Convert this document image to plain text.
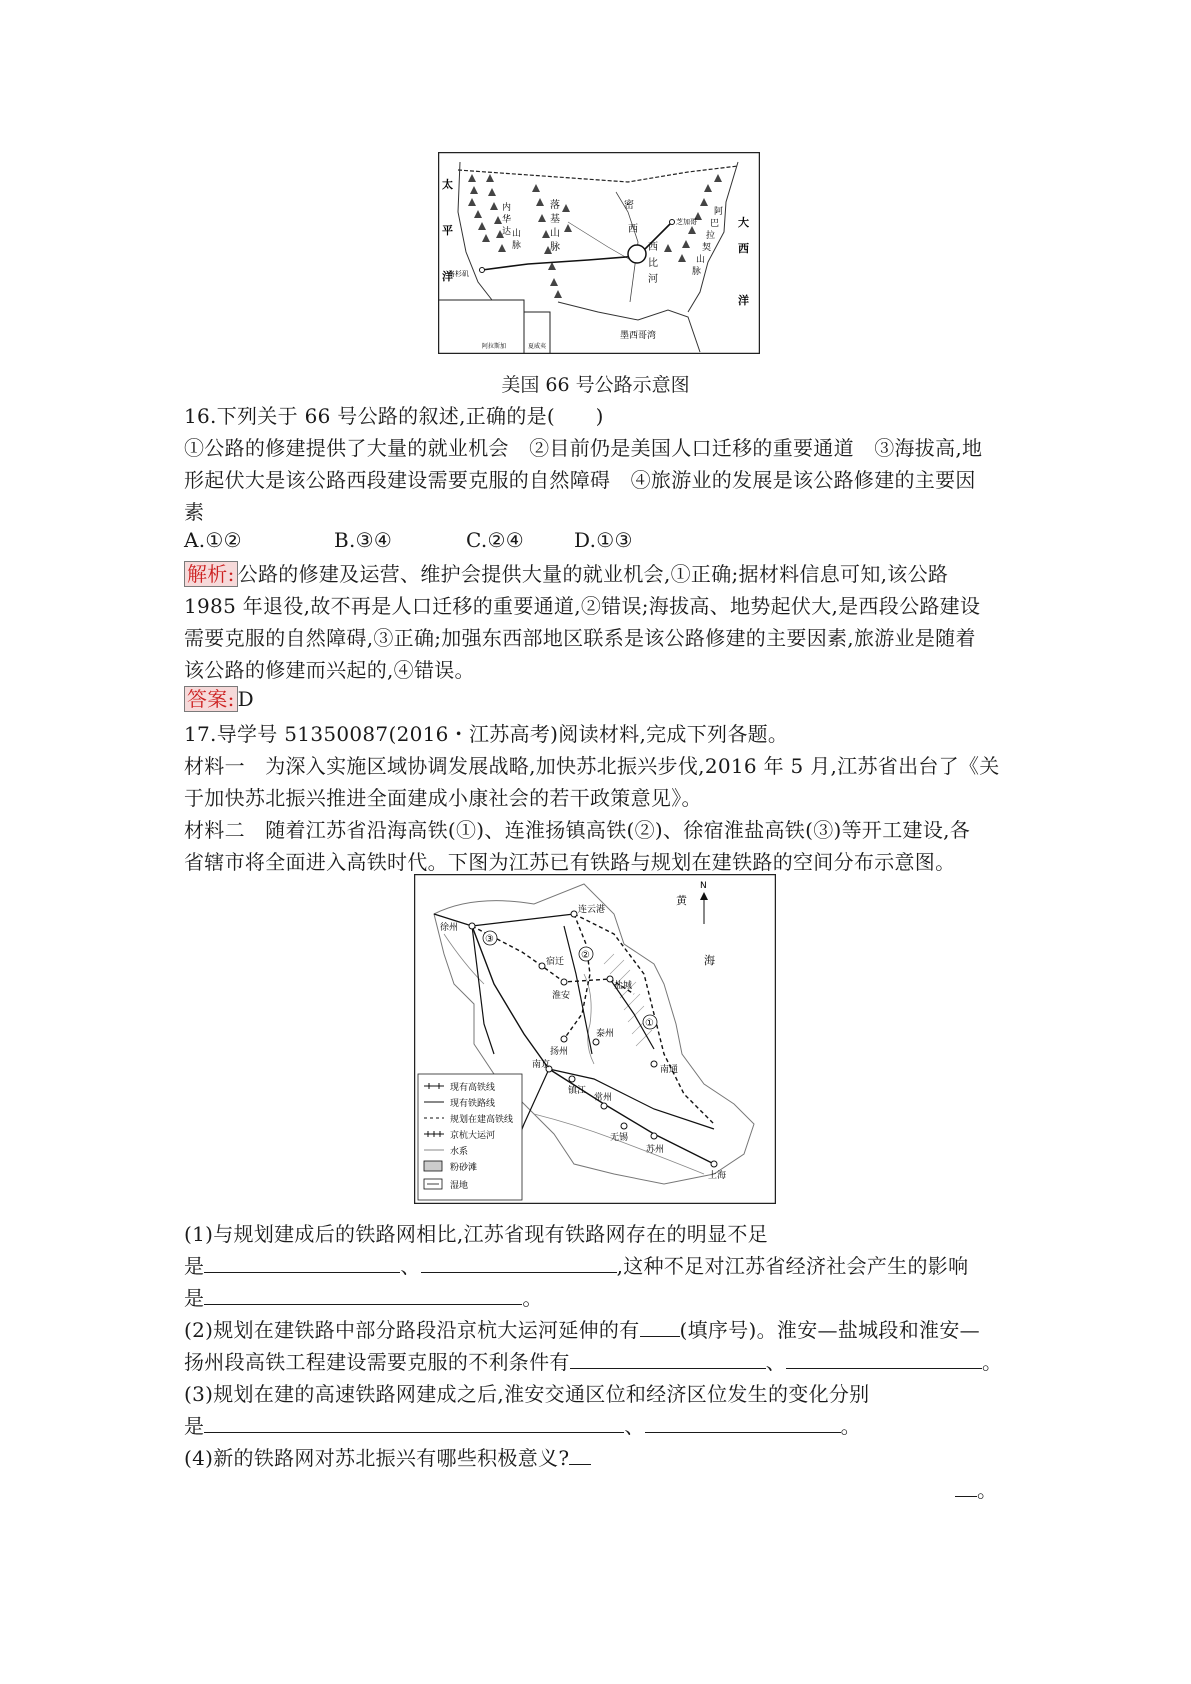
太
平
洋
大
西
洋
落
基
山
脉
内
华
达 山
脉
密
西
西
比
河
阿
巴
拉
契
山
脉
芝加哥
洛杉矶
墨西哥湾
阿拉斯加	夏威夷
美国 66 号公路示意图
16.下列关于 66 号公路的叙述,正确的是(　　)
①公路的修建提供了大量的就业机会　②目前仍是美国人口迁移的重要通道　③海拔高,地
形起伏大是该公路西段建设需要克服的自然障碍　④旅游业的发展是该公路修建的主要因
素
A.①②	B.③④	C.②④ D.①③
解析: 公路的修建及运营、维护会提供大量的就业机会,①正确;据材料信息可知,该公路
1985 年退役,故不再是人口迁移的重要通道,②错误;海拔高、地势起伏大,是西段公路建设
需要克服的自然障碍,③正确;加强东西部地区联系是该公路修建的主要因素,旅游业是随着
该公路的修建而兴起的,④错误。
答案: D
17.导学号 51350087(2016・江苏高考)阅读材料,完成下列各题。
材料一　为深入实施区域协调发展战略,加快苏北振兴步伐,2016 年 5 月,江苏省出台了《关
于加快苏北振兴推进全面建成小康社会的若干政策意见》。
材料二　随着江苏省沿海高铁(①)、连淮扬镇高铁(②)、徐宿淮盐高铁(③)等开工建设,各
省辖市将全面进入高铁时代。下图为江苏已有铁路与规划在建铁路的空间分布示意图。
N
黄
海
①
②
③
连云港
徐州
宿迁
淮安
盐城
扬州
泰州
南京
镇江
南通
常州
无锡
苏州
上海
现有高铁线
现有铁路线
规划在建高铁线
京杭大运河
水系
粉砂滩
湿地
(1)与规划建成后的铁路网相比,江苏省现有铁路网存在的明显不足
是	、	,这种不足对江苏省经济社会产生的影响
是	。
(2)规划在建铁路中部分路段沿京杭大运河延伸的有 (填序号)。淮安—盐城段和淮安—
扬州段高铁工程建设需要克服的不利条件有	、	。
(3)规划在建的高速铁路网建成之后,淮安交通区位和经济区位发生的变化分别
是	、	。
(4)新的铁路网对苏北振兴有哪些积极意义?
。
